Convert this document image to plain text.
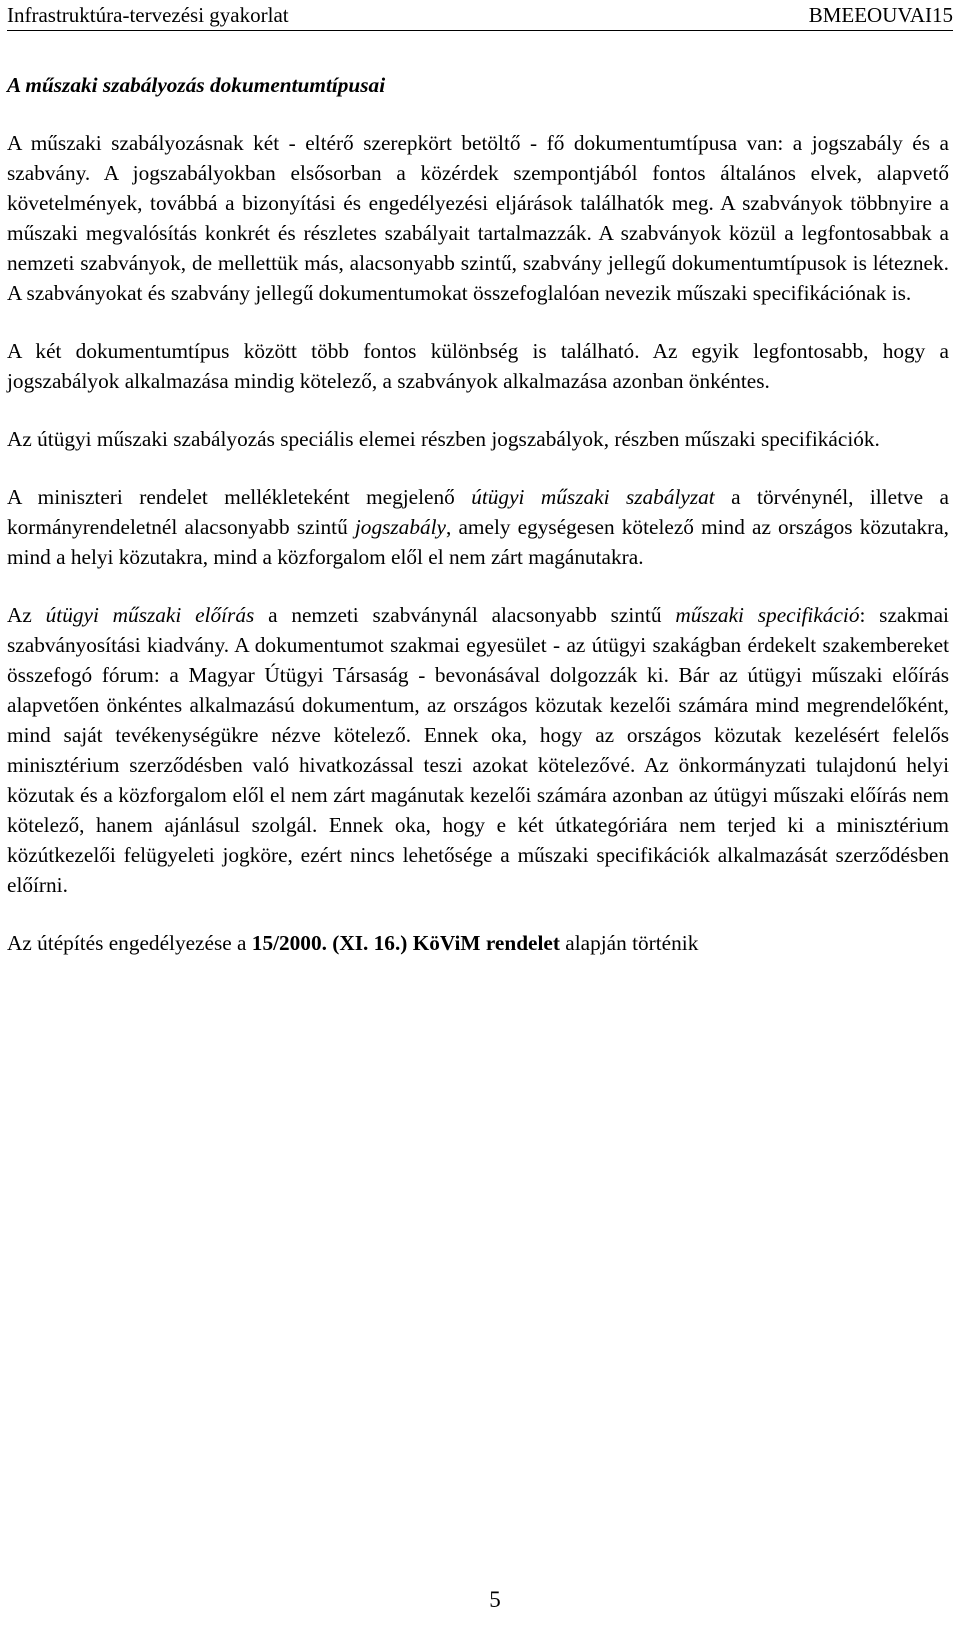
Infrastruktúra-tervezési gyakorlat	BMEEOUVAI15

A műszaki szabályozás dokumentumtípusai

A műszaki szabályozásnak két - eltérő szerepkört betöltő - fő dokumentumtípusa van: a jogszabály és a szabvány. A jogszabályokban elsősorban a közérdek szempontjából fontos általános elvek, alapvető követelmények, továbbá a bizonyítási és engedélyezési eljárások találhatók meg. A szabványok többnyire a műszaki megvalósítás konkrét és részletes szabályait tartalmazzák. A szabványok közül a legfontosabbak a nemzeti szabványok, de mellettük más, alacsonyabb szintű, szabvány jellegű dokumentumtípusok is léteznek. A szabványokat és szabvány jellegű dokumentumokat összefoglalóan nevezik műszaki specifikációnak is.

A két dokumentumtípus között több fontos különbség is található. Az egyik legfontosabb, hogy a jogszabályok alkalmazása mindig kötelező, a szabványok alkalmazása azonban önkéntes.

Az útügyi műszaki szabályozás speciális elemei részben jogszabályok, részben műszaki specifikációk.

A miniszteri rendelet mellékleteként megjelenő útügyi műszaki szabályzat a törvénynél, illetve a kormányrendeletnél alacsonyabb szintű jogszabály, amely egységesen kötelező mind az országos közutakra, mind a helyi közutakra, mind a közforgalom elől el nem zárt magánutakra.

Az útügyi műszaki előírás a nemzeti szabványnál alacsonyabb szintű műszaki specifikáció: szakmai szabványosítási kiadvány. A dokumentumot szakmai egyesület - az útügyi szakágban érdekelt szakembereket összefogó fórum: a Magyar Útügyi Társaság - bevonásával dolgozzák ki. Bár az útügyi műszaki előírás alapvetően önkéntes alkalmazású dokumentum, az országos közutak kezelői számára mind megrendelőként, mind saját tevékenységükre nézve kötelező. Ennek oka, hogy az országos közutak kezelésért felelős minisztérium szerződésben való hivatkozással teszi azokat kötelezővé. Az önkormányzati tulajdonú helyi közutak és a közforgalom elől el nem zárt magánutak kezelői számára azonban az útügyi műszaki előírás nem kötelező, hanem ajánlásul szolgál. Ennek oka, hogy e két útkategóriára nem terjed ki a minisztérium közútkezelői felügyeleti jogköre, ezért nincs lehetősége a műszaki specifikációk alkalmazását szerződésben előírni.

Az útépítés engedélyezése a 15/2000. (XI. 16.) KöViM rendelet alapján történik

5
